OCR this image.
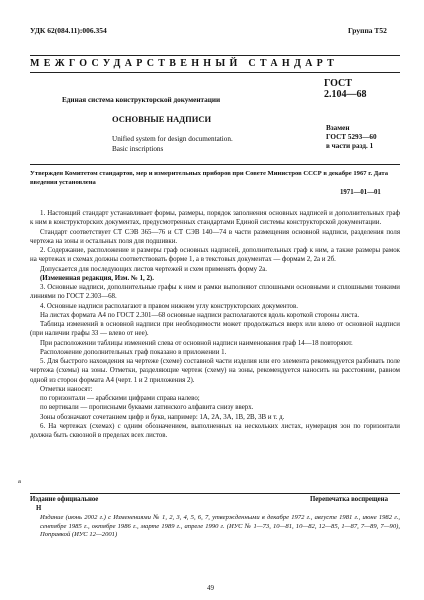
УДК 62(084.11):006.354	Группа Т52
МЕЖГОСУДАРСТВЕННЫЙ СТАНДАРТ
ГОСТ
2.104—68
Единая система конструкторской документации
ОСНОВНЫЕ НАДПИСИ
Unified system for design documentation.
Basic inscriptions
Взамен
ГОСТ 5293—60
в части разд. 1
Утвержден Комитетом стандартов, мер и измерительных приборов при Совете Министров СССР в декабре 1967 г. Дата введения установлена
1971—01—01

1. Настоящий стандарт устанавливает формы, размеры, порядок заполнения основных надписей и дополнительных граф к ним в конструкторских документах, предусмотренных стандартами Единой системы конструкторской документации.

Стандарт соответствует СТ СЭВ 365—76 и СТ СЭВ 140—74 в части размещения основной надписи, разделения поля чертежа на зоны и остальных поля для подшивки.

2. Содержание, расположение и размеры граф основных надписей, дополнительных граф к ним, а также размеры рамок на чертежах и схемах должны соответствовать форме 1, а в текстовых документах — формам 2, 2а и 2б.

Допускается для последующих листов чертежей и схем применять форму 2а.

(Измененная редакция, Изм. № 1, 2).

3. Основные надписи, дополнительные графы к ним и рамки выполняют сплошными основными и сплошными тонкими линиями по ГОСТ 2.303—68.

4. Основные надписи располагают в правом нижнем углу конструкторских документов.

На листах формата А4 по ГОСТ 2.301—68 основные надписи располагаются вдоль короткой стороны листа.

Таблица изменений в основной надписи при необходимости может продолжаться вверх или влево от основной надписи (при наличии графы 33 — влево от нее).

При расположении таблицы изменений слева от основной надписи наименования граф 14—18 повторяют.

Расположение дополнительных граф показано в приложении 1.

5. Для быстрого нахождения на чертеже (схеме) составной части изделия или его элемента рекомендуется разбивать поле чертежа (схемы) на зоны. Отметки, разделяющие чертеж (схему) на зоны, рекомендуется наносить на расстоянии, равном одной из сторон формата А4 (черт. 1 и 2 приложения 2).

Отметки наносят:

по горизонтали — арабскими цифрами справа налево;

по вертикали — прописными буквами латинского алфавита снизу вверх.

Зоны обозначают сочетанием цифр и букв, например: 1А, 2А, 3А, 1В, 2В, 3В и т. д.

6. На чертежах (схемах) с одним обозначением, выполненных на нескольких листах, нумерация зон по горизонтали должна быть сквозной в пределах всех листов.

а
Издание официальное
Н
Перепечатка воспрещена
Издание (июнь 2002 г.) с Изменениями № 1, 2, 3, 4, 5, 6, 7, утвержденными в декабре 1972 г., августе 1981 г., июне 1982 г., сентябре 1985 г., октябре 1986 г., марте 1989 г., апреле 1990 г. (ИУС № 1—73, 10—81, 10—82, 12—85, 1—87, 7—89, 7—90), Поправкой (ИУС 12—2001)
49
